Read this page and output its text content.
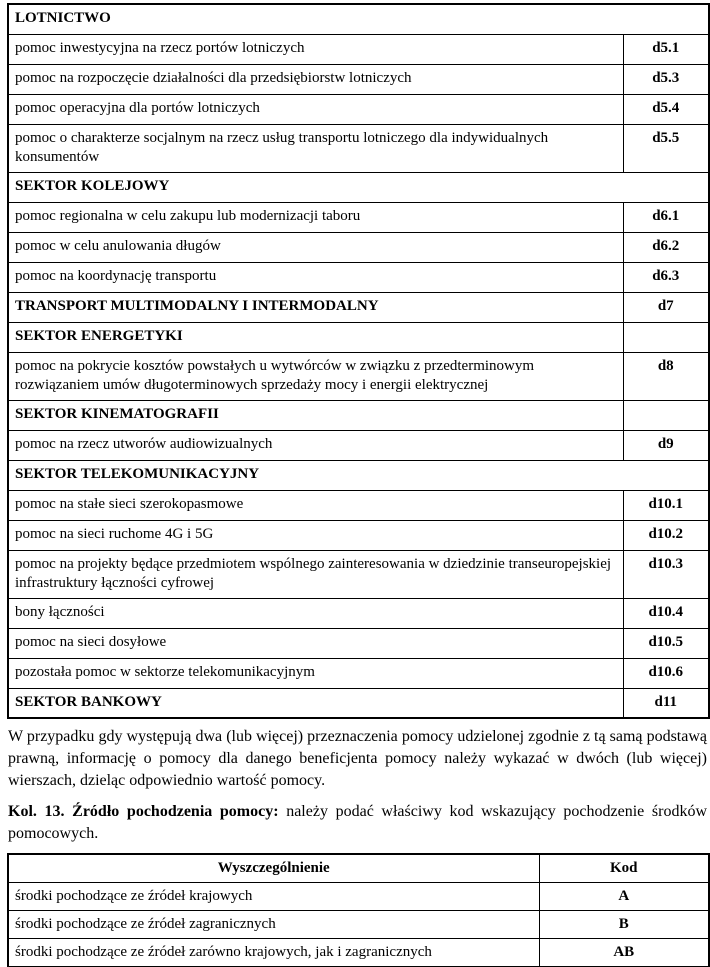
LOTNICTWO	
pomoc inwestycyjna na rzecz portów lotniczych	d5.1
pomoc na rozpoczęcie działalności dla przedsiębiorstw lotniczych	d5.3
pomoc operacyjna dla portów lotniczych	d5.4
pomoc o charakterze socjalnym na rzecz usług transportu lotniczego dla indywidualnych konsumentów	d5.5
SEKTOR KOLEJOWY	
pomoc regionalna w celu zakupu lub modernizacji taboru	d6.1
pomoc w celu anulowania długów	d6.2
pomoc na koordynację transportu	d6.3
TRANSPORT MULTIMODALNY I INTERMODALNY	d7
SEKTOR ENERGETYKI	
pomoc na pokrycie kosztów powstałych u wytwórców w związku z przedterminowym rozwiązaniem umów długoterminowych sprzedaży mocy i energii elektrycznej	d8
SEKTOR KINEMATOGRAFII	
pomoc na rzecz utworów audiowizualnych	d9
SEKTOR TELEKOMUNIKACYJNY	
pomoc na stałe sieci szerokopasmowe	d10.1
pomoc na sieci ruchome 4G i 5G	d10.2
pomoc na projekty będące przedmiotem wspólnego zainteresowania w dziedzinie transeuropejskiej infrastruktury łączności cyfrowej	d10.3
bony łączności	d10.4
pomoc na sieci dosyłowe	d10.5
pozostała pomoc w sektorze telekomunikacyjnym	d10.6
SEKTOR BANKOWY	d11

W przypadku gdy występują dwa (lub więcej) przeznaczenia pomocy udzielonej zgodnie z tą samą podstawą prawną, informację o pomocy dla danego beneficjenta pomocy należy wykazać w dwóch (lub więcej) wierszach, dzieląc odpowiednio wartość pomocy.

Kol. 13. Źródło pochodzenia pomocy: należy podać właściwy kod wskazujący pochodzenie środków pomocowych.

Wyszczególnienie	Kod
środki pochodzące ze źródeł krajowych	A
środki pochodzące ze źródeł zagranicznych	B
środki pochodzące ze źródeł zarówno krajowych, jak i zagranicznych	AB
